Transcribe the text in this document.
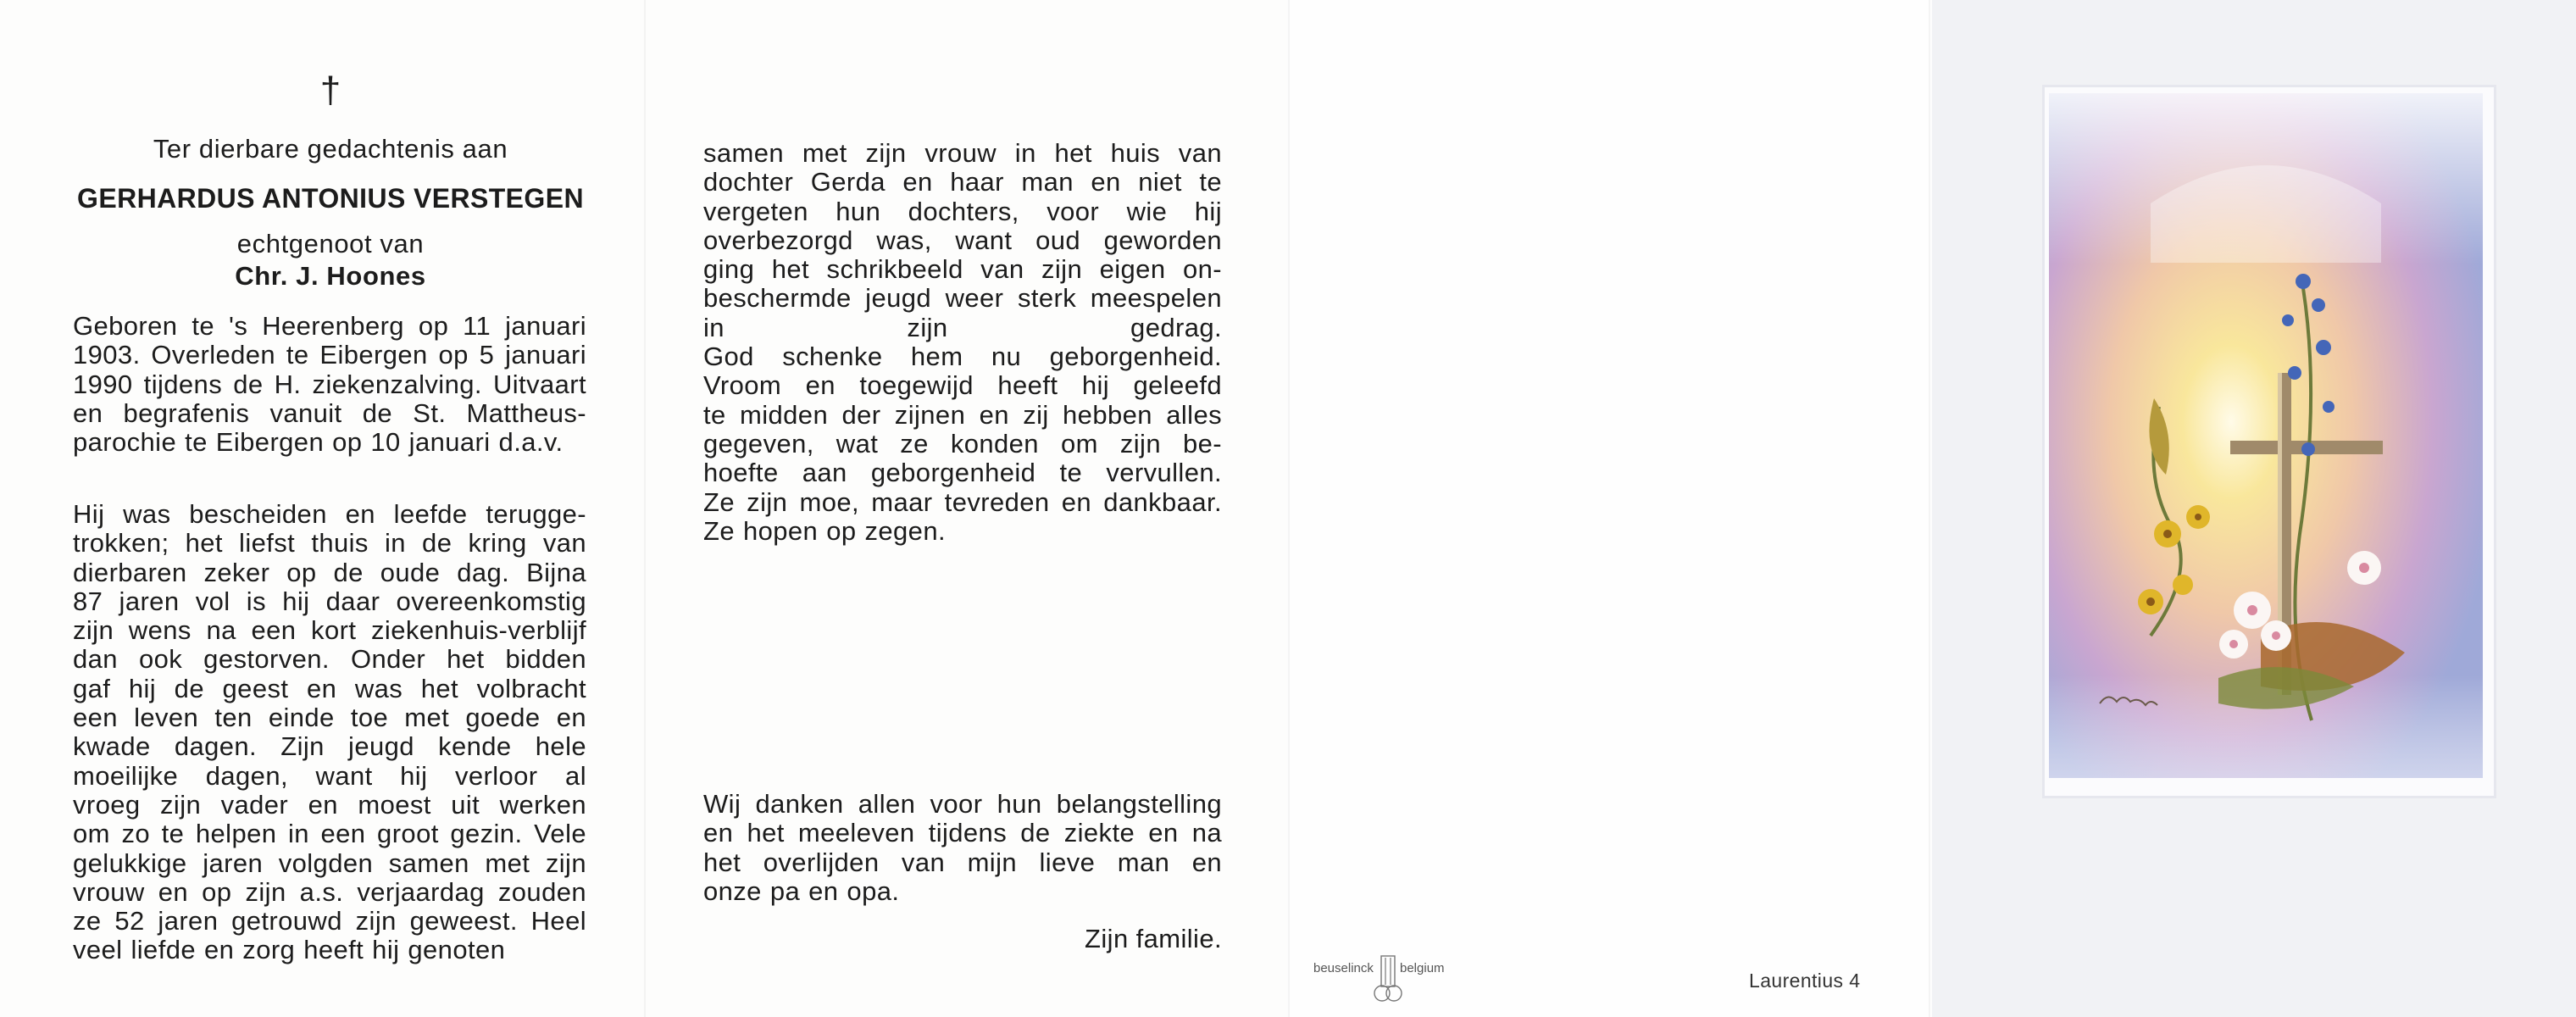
†
Ter dierbare gedachtenis aan
GERHARDUS ANTONIUS VERSTEGEN
echtgenoot van
Chr. J. Hoones
Geboren te 's Heerenberg op 11 januari
1903. Overleden te Eibergen op 5 januari
1990 tijdens de H. ziekenzalving. Uitvaart
en begrafenis vanuit de St. Mattheus-
parochie te Eibergen op 10 januari d.a.v.
Hij was bescheiden en leefde terugge-
trokken; het liefst thuis in de kring van
dierbaren zeker op de oude dag. Bijna
87 jaren vol is hij daar overeenkomstig
zijn wens na een kort ziekenhuis-verblijf
dan ook gestorven. Onder het bidden
gaf hij de geest en was het volbracht
een leven ten einde toe met goede en
kwade dagen. Zijn jeugd kende hele
moeilijke dagen, want hij verloor al
vroeg zijn vader en moest uit werken
om zo te helpen in een groot gezin. Vele
gelukkige jaren volgden samen met zijn
vrouw en op zijn a.s. verjaardag zouden
ze 52 jaren getrouwd zijn geweest. Heel
veel liefde en zorg heeft hij genoten
samen met zijn vrouw in het huis van
dochter Gerda en haar man en niet te
vergeten hun dochters, voor wie hij
overbezorgd was, want oud geworden
ging het schrikbeeld van zijn eigen on-
beschermde jeugd weer sterk meespelen
in zijn gedrag.
God schenke hem nu geborgenheid.
Vroom en toegewijd heeft hij geleefd
te midden der zijnen en zij hebben alles
gegeven, wat ze konden om zijn be-
hoefte aan geborgenheid te vervullen.
Ze zijn moe, maar tevreden en dankbaar.
Ze hopen op zegen.
Wij danken allen voor hun belangstelling
en het meeleven tijdens de ziekte en na
het overlijden van mijn lieve man en
onze pa en opa.
Zijn familie.
beuselinck belgium
Laurentius 4
